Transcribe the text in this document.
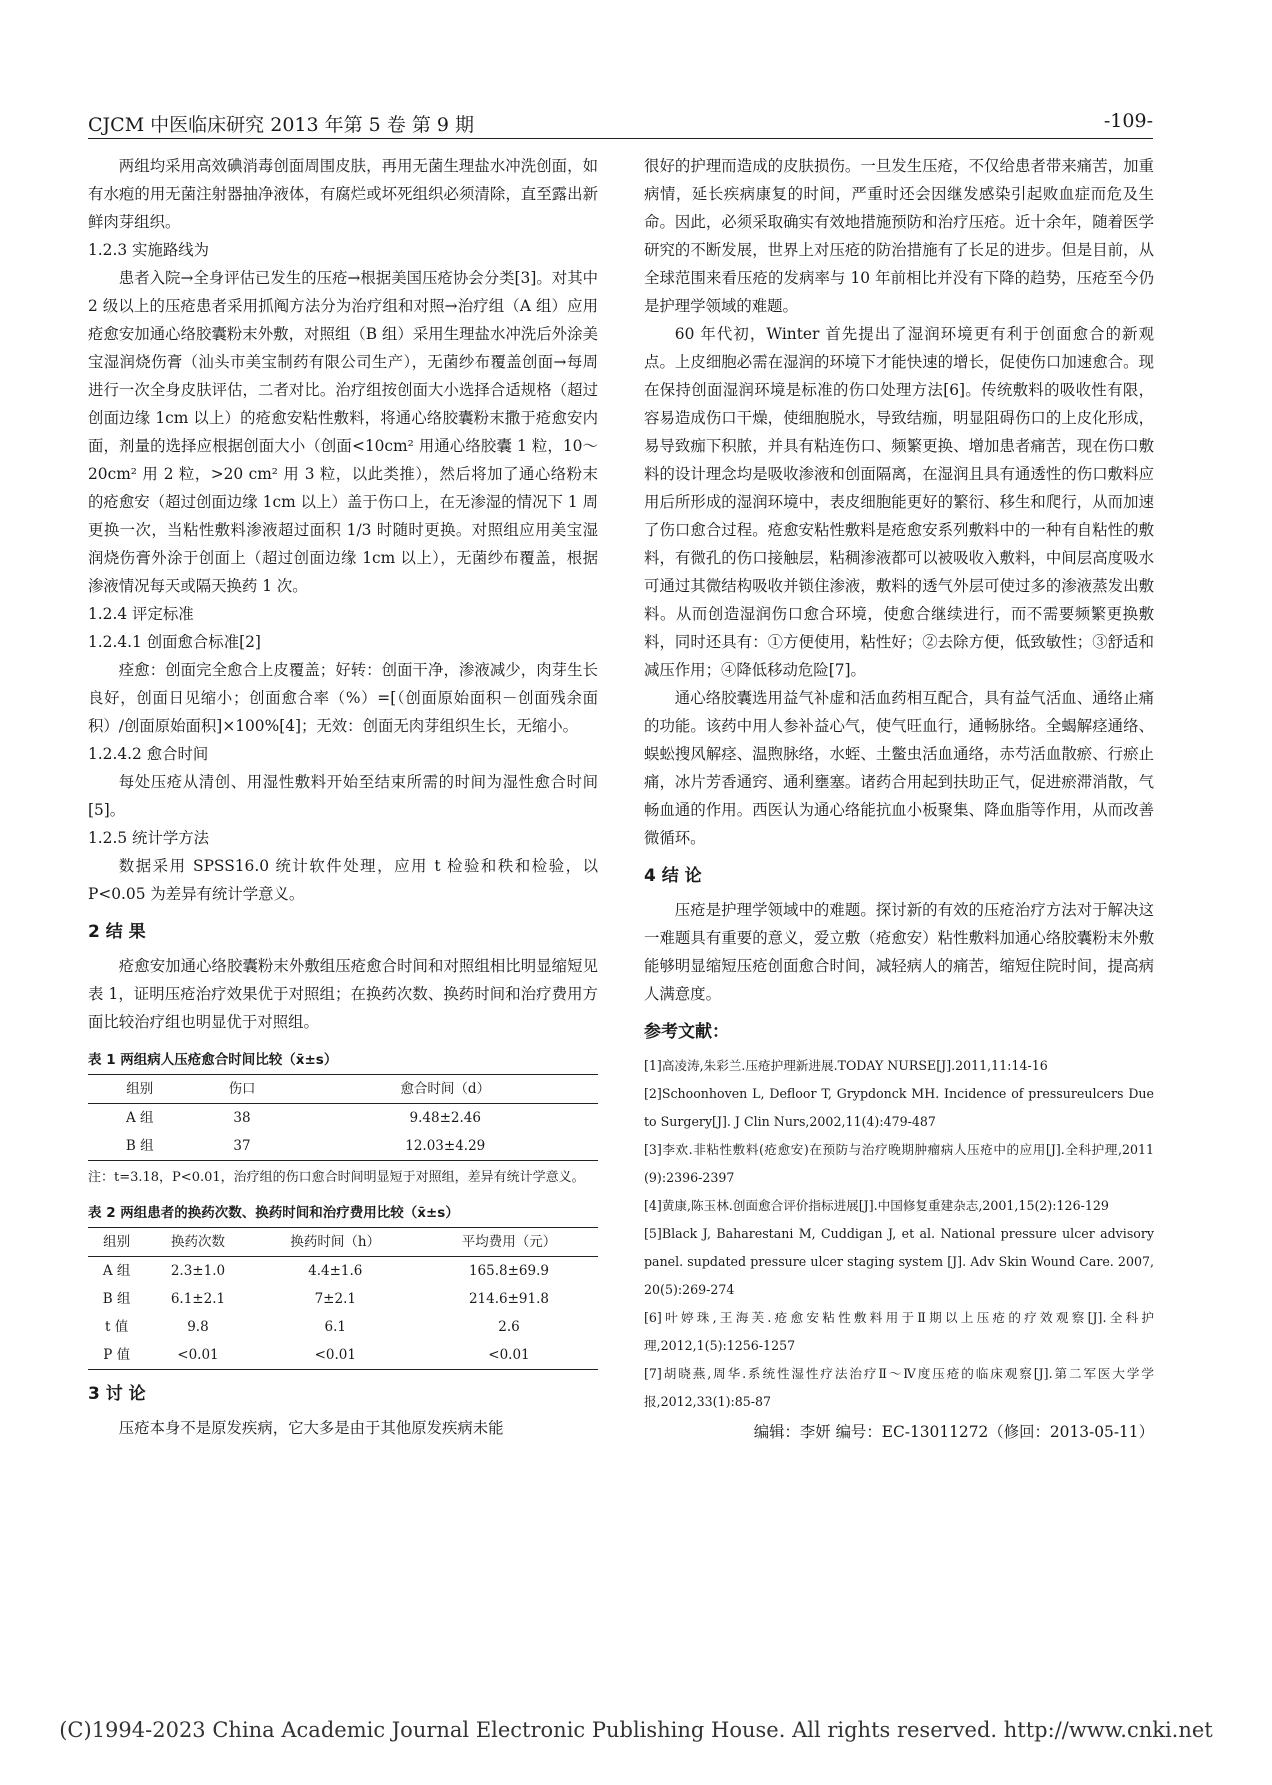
CJCM 中医临床研究 2013 年第 5 卷 第 9 期	-109-

两组均采用高效碘消毒创面周围皮肤，再用无菌生理盐水冲洗创面，如有水疱的用无菌注射器抽净液体，有腐烂或坏死组织必须清除，直至露出新鲜肉芽组织。

1.2.3 实施路线为

患者入院→全身评估已发生的压疮→根据美国压疮协会分类[3]。对其中 2 级以上的压疮患者采用抓阄方法分为治疗组和对照→治疗组（A 组）应用疮愈安加通心络胶囊粉末外敷，对照组（B 组）采用生理盐水冲洗后外涂美宝湿润烧伤膏（汕头市美宝制药有限公司生产），无菌纱布覆盖创面→每周进行一次全身皮肤评估，二者对比。治疗组按创面大小选择合适规格（超过创面边缘 1cm 以上）的疮愈安粘性敷料，将通心络胶囊粉末撒于疮愈安内面，剂量的选择应根据创面大小（创面<10cm² 用通心络胶囊 1 粒，10～20cm² 用 2 粒，>20 cm² 用 3 粒，以此类推），然后将加了通心络粉末的疮愈安（超过创面边缘 1cm 以上）盖于伤口上，在无渗湿的情况下 1 周更换一次，当粘性敷料渗液超过面积 1/3 时随时更换。对照组应用美宝湿润烧伤膏外涂于创面上（超过创面边缘 1cm 以上），无菌纱布覆盖，根据渗液情况每天或隔天换药 1 次。

1.2.4 评定标准
1.2.4.1 创面愈合标准[2]

痊愈：创面完全愈合上皮覆盖；好转：创面干净，渗液减少，肉芽生长良好，创面日见缩小；创面愈合率（%）=[（创面原始面积－创面残余面积）/创面原始面积]×100%[4]；无效：创面无肉芽组织生长，无缩小。

1.2.4.2 愈合时间

每处压疮从清创、用湿性敷料开始至结束所需的时间为湿性愈合时间[5]。

1.2.5 统计学方法

数据采用 SPSS16.0 统计软件处理，应用 t 检验和秩和检验，以 P<0.05 为差异有统计学意义。

2 结 果

疮愈安加通心络胶囊粉末外敷组压疮愈合时间和对照组相比明显缩短见表 1，证明压疮治疗效果优于对照组；在换药次数、换药时间和治疗费用方面比较治疗组也明显优于对照组。

表 1 两组病人压疮愈合时间比较（x̄±s）
组别	伤口	愈合时间（d）
A 组	38	9.48±2.46
B 组	37	12.03±4.29
注：t=3.18，P<0.01，治疗组的伤口愈合时间明显短于对照组，差异有统计学意义。
表 2 两组患者的换药次数、换药时间和治疗费用比较（x̄±s）
组别	换药次数	换药时间（h）	平均费用（元）
A 组	2.3±1.0	4.4±1.6	165.8±69.9
B 组	6.1±2.1	7±2.1	214.6±91.8
t 值	9.8	6.1	2.6
P 值	<0.01	<0.01	<0.01
3 讨 论

压疮本身不是原发疾病，它大多是由于其他原发疾病未能

很好的护理而造成的皮肤损伤。一旦发生压疮，不仅给患者带来痛苦，加重病情，延长疾病康复的时间，严重时还会因继发感染引起败血症而危及生命。因此，必须采取确实有效地措施预防和治疗压疮。近十余年，随着医学研究的不断发展，世界上对压疮的防治措施有了长足的进步。但是目前，从全球范围来看压疮的发病率与 10 年前相比并没有下降的趋势，压疮至今仍是护理学领域的难题。

60 年代初，Winter 首先提出了湿润环境更有利于创面愈合的新观点。上皮细胞必需在湿润的环境下才能快速的增长，促使伤口加速愈合。现在保持创面湿润环境是标准的伤口处理方法[6]。传统敷料的吸收性有限，容易造成伤口干燥，使细胞脱水，导致结痂，明显阻碍伤口的上皮化形成，易导致痂下积脓，并具有粘连伤口、频繁更换、增加患者痛苦，现在伤口敷料的设计理念均是吸收渗液和创面隔离，在湿润且具有通透性的伤口敷料应用后所形成的湿润环境中，表皮细胞能更好的繁衍、移生和爬行，从而加速了伤口愈合过程。疮愈安粘性敷料是疮愈安系列敷料中的一种有自粘性的敷料，有微孔的伤口接触层，粘稠渗液都可以被吸收入敷料，中间层高度吸水可通过其微结构吸收并锁住渗液，敷料的透气外层可使过多的渗液蒸发出敷料。从而创造湿润伤口愈合环境，使愈合继续进行，而不需要频繁更换敷料，同时还具有：①方便使用，粘性好；②去除方便，低致敏性；③舒适和减压作用；④降低移动危险[7]。

通心络胶囊选用益气补虚和活血药相互配合，具有益气活血、通络止痛的功能。该药中用人参补益心气，使气旺血行，通畅脉络。全蝎解痉通络、蜈蚣搜风解痉、温煦脉络，水蛭、土鳖虫活血通络，赤芍活血散瘀、行瘀止痛，冰片芳香通窍、通利壅塞。诸药合用起到扶助正气，促进瘀滞消散，气畅血通的作用。西医认为通心络能抗血小板聚集、降血脂等作用，从而改善微循环。

4 结 论

压疮是护理学领域中的难题。探讨新的有效的压疮治疗方法对于解决这一难题具有重要的意义，爱立敷（疮愈安）粘性敷料加通心络胶囊粉末外敷能够明显缩短压疮创面愈合时间，减轻病人的痛苦，缩短住院时间，提高病人满意度。

参考文献：
[1]高凌涛,朱彩兰.压疮护理新进展.TODAY NURSE[J].2011,11:14-16
[2]Schoonhoven L, Defloor T, Grypdonck MH. Incidence of pressureulcers Due to Surgery[J]. J Clin Nurs,2002,11(4):479-487
[3]李欢.非粘性敷料(疮愈安)在预防与治疗晚期肿瘤病人压疮中的应用[J].全科护理,2011 (9):2396-2397
[4]黄康,陈玉林.创面愈合评价指标进展[J].中国修复重建杂志,2001,15(2):126-129
[5]Black J, Baharestani M, Cuddigan J, et al. National pressure ulcer advisory panel. supdated pressure ulcer staging system [J]. Adv Skin Wound Care. 2007, 20(5):269-274
[6]叶婷珠,王海芙.疮愈安粘性敷料用于Ⅱ期以上压疮的疗效观察[J].全科护理,2012,1(5):1256-1257
[7]胡晓燕,周华.系统性湿性疗法治疗Ⅱ～Ⅳ度压疮的临床观察[J].第二军医大学学报,2012,33(1):85-87
编辑：李妍 编号：EC-13011272（修回：2013-05-11）
(C)1994-2023 China Academic Journal Electronic Publishing House. All rights reserved. http://www.cnki.net
